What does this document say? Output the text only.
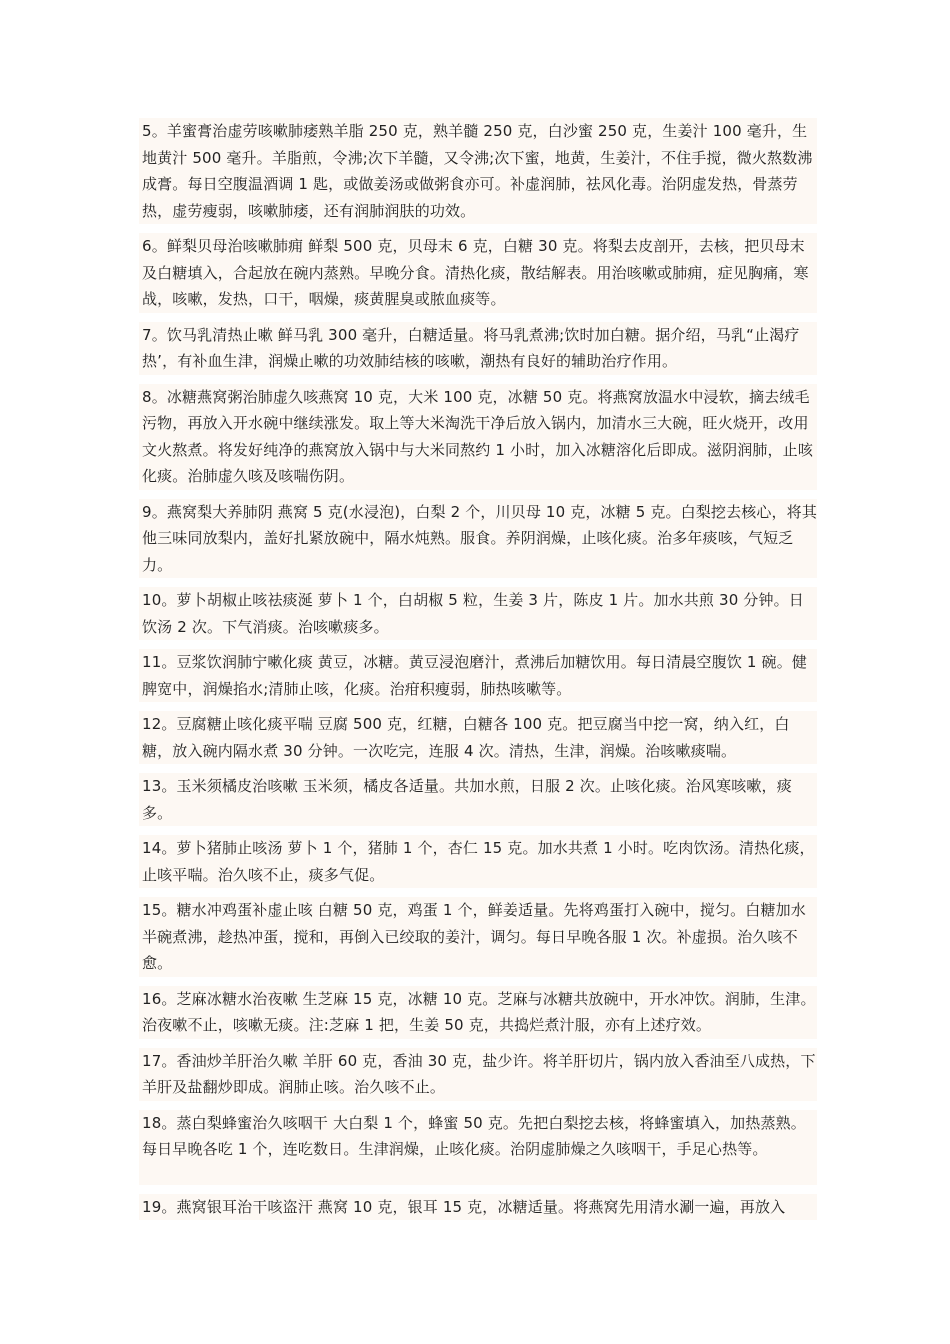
5。羊蜜膏治虚劳咳嗽肺痿熟羊脂 250 克，熟羊髓 250 克，白沙蜜 250 克，生姜汁 100 毫升，生地黄汁 500 毫升。羊脂煎，令沸;次下羊髓，又令沸;次下蜜，地黄，生姜汁，不住手搅，微火熬数沸成膏。每日空腹温酒调 1 匙，或做姜汤或做粥食亦可。补虚润肺，祛风化毒。治阴虚发热，骨蒸劳热，虚劳瘦弱，咳嗽肺痿，还有润肺润肤的功效。

6。鲜梨贝母治咳嗽肺痈 鲜梨 500 克，贝母末 6 克，白糖 30 克。将梨去皮剖开，去核，把贝母末及白糖填入，合起放在碗内蒸熟。早晚分食。清热化痰，散结解表。用治咳嗽或肺痈，症见胸痛，寒战，咳嗽，发热，口干，咽燥，痰黄腥臭或脓血痰等。

7。饮马乳清热止嗽 鲜马乳 300 毫升，白糖适量。将马乳煮沸;饮时加白糖。据介绍，马乳“止渴疗热’，有补血生津，润燥止嗽的功效肺结核的咳嗽，潮热有良好的辅助治疗作用。

8。冰糖燕窝粥治肺虚久咳燕窝 10 克，大米 100 克，冰糖 50 克。将燕窝放温水中浸软，摘去绒毛污物，再放入开水碗中继续涨发。取上等大米淘洗干净后放入锅内，加清水三大碗，旺火烧开，改用文火熬煮。将发好纯净的燕窝放入锅中与大米同熬约 1 小时，加入冰糖溶化后即成。滋阴润肺，止咳化痰。治肺虚久咳及咳喘伤阴。

9。燕窝梨大养肺阴 燕窝 5 克(水浸泡)，白梨 2 个，川贝母 10 克，冰糖 5 克。白梨挖去核心，将其他三味同放梨内，盖好扎紧放碗中，隔水炖熟。服食。养阴润燥，止咳化痰。治多年痰咳，气短乏力。

10。萝卜胡椒止咳祛痰涎 萝卜 1 个，白胡椒 5 粒，生姜 3 片，陈皮 1 片。加水共煎 30 分钟。日饮汤 2 次。下气消痰。治咳嗽痰多。

11。豆浆饮润肺宁嗽化痰 黄豆，冰糖。黄豆浸泡磨汁，煮沸后加糖饮用。每日清晨空腹饮 1 碗。健脾宽中，润燥掐水;清肺止咳，化痰。治疳积瘦弱，肺热咳嗽等。

12。豆腐糖止咳化痰平喘 豆腐 500 克，红糖，白糖各 100 克。把豆腐当中挖一窝，纳入红，白糖，放入碗内隔水煮 30 分钟。一次吃完，连服 4 次。清热，生津，润燥。治咳嗽痰喘。

13。玉米须橘皮治咳嗽 玉米须，橘皮各适量。共加水煎，日服 2 次。止咳化痰。治风寒咳嗽，痰多。

14。萝卜猪肺止咳汤 萝卜 1 个，猪肺 1 个，杏仁 15 克。加水共煮 1 小时。吃肉饮汤。清热化痰，止咳平喘。治久咳不止，痰多气促。

15。糖水冲鸡蛋补虚止咳 白糖 50 克，鸡蛋 1 个，鲜姜适量。先将鸡蛋打入碗中，搅匀。白糖加水半碗煮沸，趁热冲蛋，搅和，再倒入已绞取的姜汁，调匀。每日早晚各服 1 次。补虚损。治久咳不愈。

16。芝麻冰糖水治夜嗽 生芝麻 15 克，冰糖 10 克。芝麻与冰糖共放碗中，开水冲饮。润肺，生津。治夜嗽不止，咳嗽无痰。注:芝麻 1 把，生姜 50 克，共捣烂煮汁服，亦有上述疗效。

17。香油炒羊肝治久嗽 羊肝 60 克，香油 30 克，盐少许。将羊肝切片，锅内放入香油至八成热，下羊肝及盐翻炒即成。润肺止咳。治久咳不止。

18。蒸白梨蜂蜜治久咳咽干 大白梨 1 个，蜂蜜 50 克。先把白梨挖去核，将蜂蜜填入，加热蒸熟。每日早晚各吃 1 个，连吃数日。生津润燥，止咳化痰。治阴虚肺燥之久咳咽干，手足心热等。

19。燕窝银耳治干咳盗汗 燕窝 10 克，银耳 15 克，冰糖适量。将燕窝先用清水涮一遍，再放入
